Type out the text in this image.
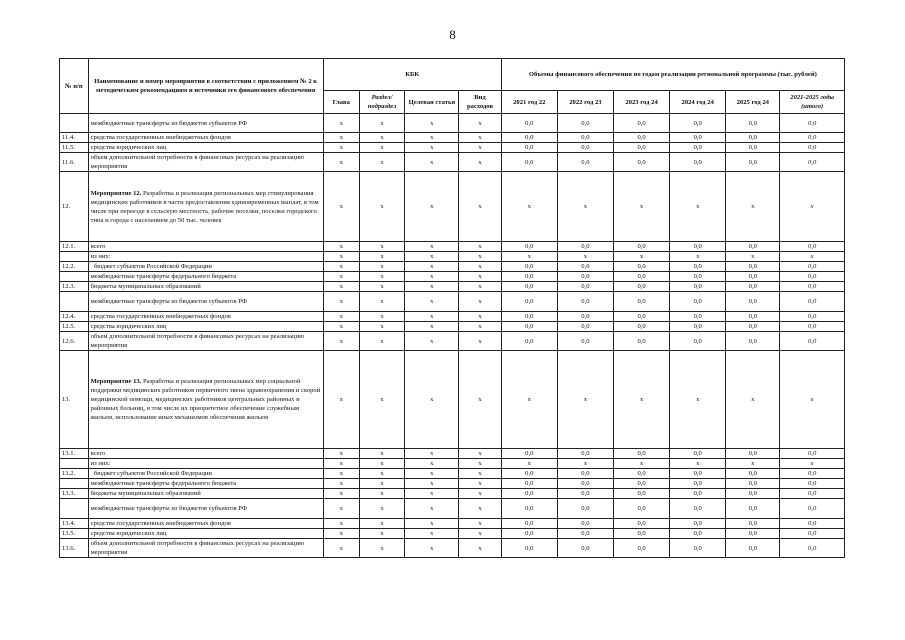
8
№ п/п	Наименование и номер мероприятия в соответствии с приложением № 2 к методическим рекомендациям и источники его финансового обеспечения	КБК				Объемы финансового обеспечения по годам реализации региональной программы (тыс. рублей)					
		Глава	Раздел/ подраздел	Целевая статья	Вид расходов	2021 год 22	2022 год 23	2023 год 24	2024 год 24	2025 год 24	2021-2025 годы (итого)
	межбюджетные трансферты из бюджетов субъектов РФ	x	x	x	x	0,0	0,0	0,0	0,0	0,0	0,0
11.4.	средства государственных внебюджетных фондов	x	x	x	x	0,0	0,0	0,0	0,0	0,0	0,0
11.5.	средства юридических лиц	x	x	x	x	0,0	0,0	0,0	0,0	0,0	0,0
11.6.	объем дополнительной потребности в финансовых ресурсах на реализацию мероприятия	x	x	x	x	0,0	0,0	0,0	0,0	0,0	0,0
12.	Мероприятие 12. Разработка и реализация региональных мер стимулирования медицинских работников в части предоставления единовременных выплат, в том числе при переезде в сельскую местность, рабочие поселки, поселки городского типа и города с населением до 50 тыс. человек	x	x	x	x	x	x	x	x	x	x
12.1.	всего	x	x	x	x	0,0	0,0	0,0	0,0	0,0	0,0
	из них:	x	x	x	x	x	x	x	x	x	x
12.2.	бюджет субъектов Российской Федерации	x	x	x	x	0,0	0,0	0,0	0,0	0,0	0,0
	межбюджетные трансферты федерального бюджета	x	x	x	x	0,0	0,0	0,0	0,0	0,0	0,0
12.3.	бюджеты муниципальных образований	x	x	x	x	0,0	0,0	0,0	0,0	0,0	0,0
	межбюджетные трансферты из бюджетов субъектов РФ	x	x	x	x	0,0	0,0	0,0	0,0	0,0	0,0
12.4.	средства государственных внебюджетных фондов	x	x	x	x	0,0	0,0	0,0	0,0	0,0	0,0
12.5.	средства юридических лиц	x	x	x	x	0,0	0,0	0,0	0,0	0,0	0,0
12.6.	объем дополнительной потребности в финансовых ресурсах на реализацию мероприятия	x	x	x	x	0,0	0,0	0,0	0,0	0,0	0,0
13.	Мероприятие 13. Разработка и реализация региональных мер социальной поддержки медицинских работников первичного звена здравоохранения и скорой медицинской помощи, медицинских работников центральных районных и районных больниц, в том числе их приоритетное обеспечение служебным жильем, использование иных механизмов обеспечения жильем	x	x	x	x	x	x	x	x	x	x
13.1.	всего	x	x	x	x	0,0	0,0	0,0	0,0	0,0	0,0
	из них:	x	x	x	x	x	x	x	x	x	x
13.2.	бюджет субъектов Российской Федерации	x	x	x	x	0,0	0,0	0,0	0,0	0,0	0,0
	межбюджетные трансферты федерального бюджета	x	x	x	x	0,0	0,0	0,0	0,0	0,0	0,0
13.3.	бюджеты муниципальных образований	x	x	x	x	0,0	0,0	0,0	0,0	0,0	0,0
	межбюджетные трансферты из бюджетов субъектов РФ	x	x	x	x	0,0	0,0	0,0	0,0	0,0	0,0
13.4.	средства государственных внебюджетных фондов	x	x	x	x	0,0	0,0	0,0	0,0	0,0	0,0
13.5.	средства юридических лиц	x	x	x	x	0,0	0,0	0,0	0,0	0,0	0,0
13.6.	объем дополнительной потребности в финансовых ресурсах на реализацию мероприятия	x	x	x	x	0,0	0,0	0,0	0,0	0,0	0,0
